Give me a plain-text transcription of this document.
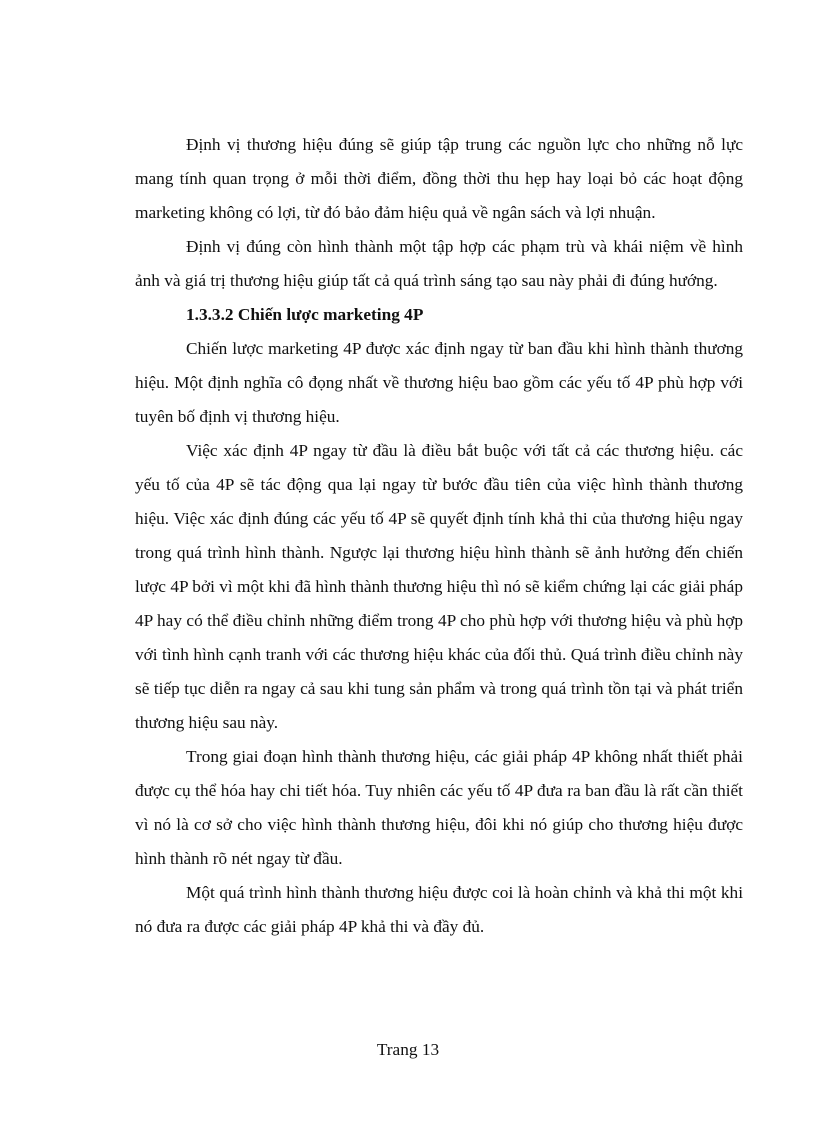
Định vị thương hiệu đúng sẽ giúp tập trung các nguồn lực cho những nỗ lực mang tính quan trọng ở mỗi thời điểm, đồng thời thu hẹp hay loại bỏ các hoạt động marketing không có lợi, từ đó bảo đảm hiệu quả về ngân sách và lợi nhuận.

Định vị đúng còn hình thành một tập hợp các phạm trù và khái niệm về hình ảnh và giá trị thương hiệu giúp tất cả quá trình sáng tạo sau này phải đi đúng hướng.

1.3.3.2 Chiến lược marketing 4P

Chiến lược marketing 4P được xác định ngay từ ban đầu khi hình thành thương hiệu. Một định nghĩa cô đọng nhất về thương hiệu bao gồm các yếu tố 4P phù hợp với tuyên bố định vị thương hiệu.

Việc xác định 4P ngay từ đầu là điều bắt buộc với tất cả các thương hiệu. các yếu tố của 4P sẽ tác động qua lại ngay từ bước đầu tiên của việc hình thành thương hiệu. Việc xác định đúng các yếu tố 4P sẽ quyết định tính khả thi của thương hiệu ngay trong quá trình hình thành. Ngược lại thương hiệu hình thành sẽ ảnh hưởng đến chiến lược 4P bởi vì một khi đã hình thành thương hiệu thì nó sẽ kiểm chứng lại các giải pháp 4P hay có thể điều chỉnh những điểm trong 4P cho phù hợp với thương hiệu và phù hợp với tình hình cạnh tranh với các thương hiệu khác của đối thủ. Quá trình điều chỉnh này sẽ tiếp tục diễn ra ngay cả sau khi tung sản phẩm và trong quá trình tồn tại và phát triển thương hiệu sau này.

Trong giai đoạn hình thành thương hiệu, các giải pháp 4P không nhất thiết phải được cụ thể hóa hay chi tiết hóa. Tuy nhiên các yếu tố 4P đưa ra ban đầu là rất cần thiết vì nó là cơ sở cho việc hình thành thương hiệu, đôi khi nó giúp cho thương hiệu được hình thành rõ nét ngay từ đầu.

Một quá trình hình thành thương hiệu được coi là hoàn chỉnh và khả thi một khi nó đưa ra được các giải pháp 4P khả thi và đầy đủ.

Trang 13
